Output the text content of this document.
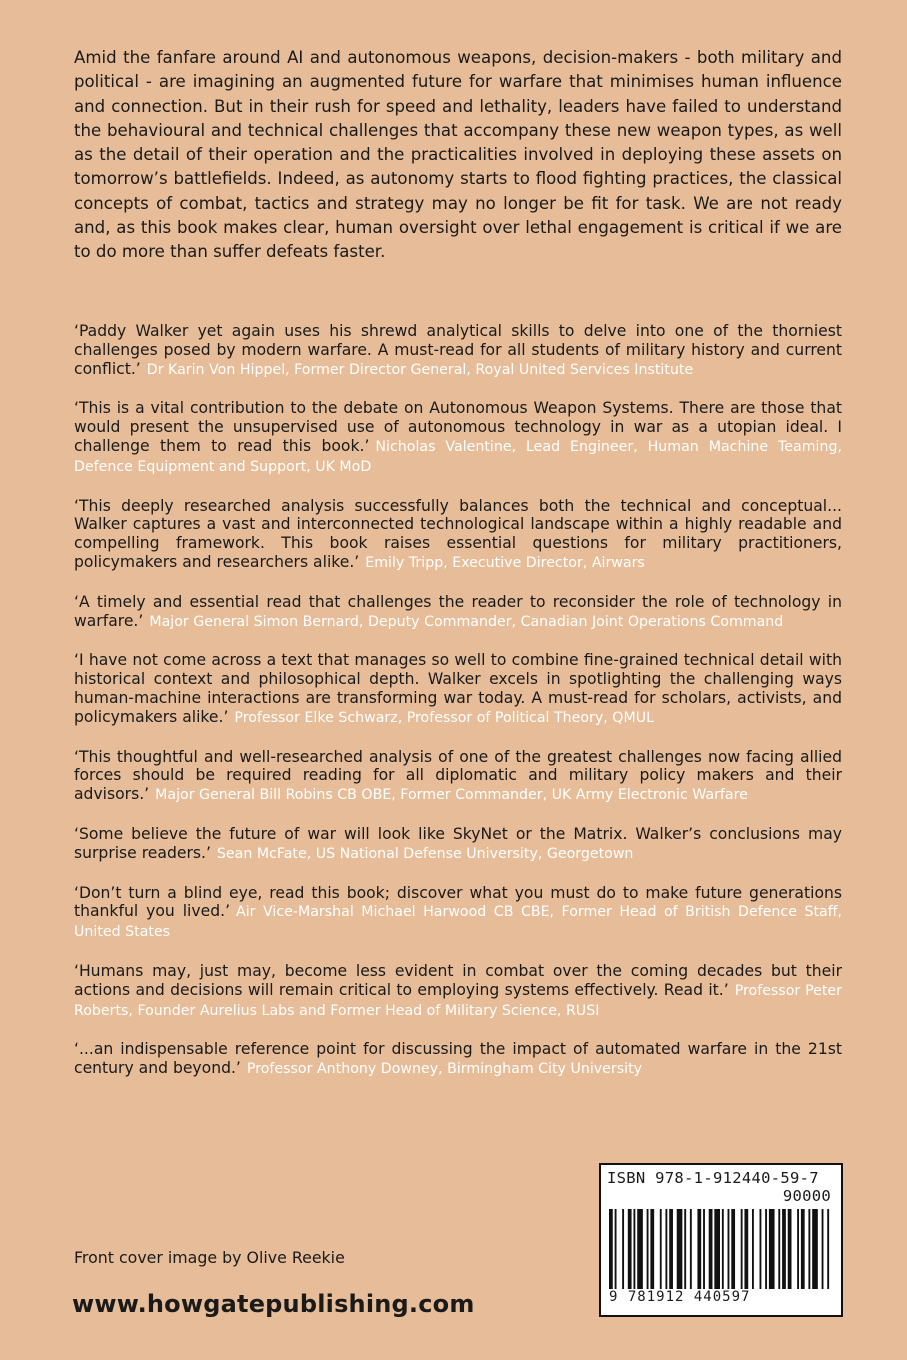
Amid the fanfare around AI and autonomous weapons, decision-makers - both military and political - are imagining an augmented future for warfare that minimises human influence and connection. But in their rush for speed and lethality, leaders have failed to understand the behavioural and technical challenges that accompany these new weapon types, as well as the detail of their operation and the practicalities involved in deploying these assets on tomorrow’s battlefields. Indeed, as autonomy starts to flood fighting practices, the classical concepts of combat, tactics and strategy may no longer be fit for task. We are not ready and, as this book makes clear, human oversight over lethal engagement is critical if we are to do more than suffer defeats faster.

‘Paddy Walker yet again uses his shrewd analytical skills to delve into one of the thorniest challenges posed by modern warfare. A must-read for all students of military history and current conflict.’ Dr Karin Von Hippel, Former Director General, Royal United Services Institute

‘This is a vital contribution to the debate on Autonomous Weapon Systems. There are those that would present the unsupervised use of autonomous technology in war as a utopian ideal. I challenge them to read this book.’ Nicholas Valentine, Lead Engineer, Human Machine Teaming, Defence Equipment and Support, UK MoD

‘This deeply researched analysis successfully balances both the technical and conceptual... Walker captures a vast and interconnected technological landscape within a highly readable and compelling framework. This book raises essential questions for military practitioners, policymakers and researchers alike.’ Emily Tripp, Executive Director, Airwars

‘A timely and essential read that challenges the reader to reconsider the role of technology in warfare.’ Major General Simon Bernard, Deputy Commander, Canadian Joint Operations Command

‘I have not come across a text that manages so well to combine fine-grained technical detail with historical context and philosophical depth. Walker excels in spotlighting the challenging ways human-machine interactions are transforming war today. A must-read for scholars, activists, and policymakers alike.’ Professor Elke Schwarz, Professor of Political Theory, QMUL

‘This thoughtful and well-researched analysis of one of the greatest challenges now facing allied forces should be required reading for all diplomatic and military policy makers and their advisors.’ Major General Bill Robins CB OBE, Former Commander, UK Army Electronic Warfare

‘Some believe the future of war will look like SkyNet or the Matrix. Walker’s conclusions may surprise readers.’ Sean McFate, US National Defense University, Georgetown

‘Don’t turn a blind eye, read this book; discover what you must do to make future generations thankful you lived.’ Air Vice-Marshal Michael Harwood CB CBE, Former Head of British Defence Staff, United States

‘Humans may, just may, become less evident in combat over the coming decades but their actions and decisions will remain critical to employing systems effectively. Read it.’ Professor Peter Roberts, Founder Aurelius Labs and Former Head of Military Science, RUSI

‘...an indispensable reference point for discussing the impact of automated warfare in the 21st century and beyond.’ Professor Anthony Downey, Birmingham City University

ISBN 978-1-912440-59-7
90000
9 781912 440597

Front cover image by Olive Reekie

www.howgatepublishing.com
